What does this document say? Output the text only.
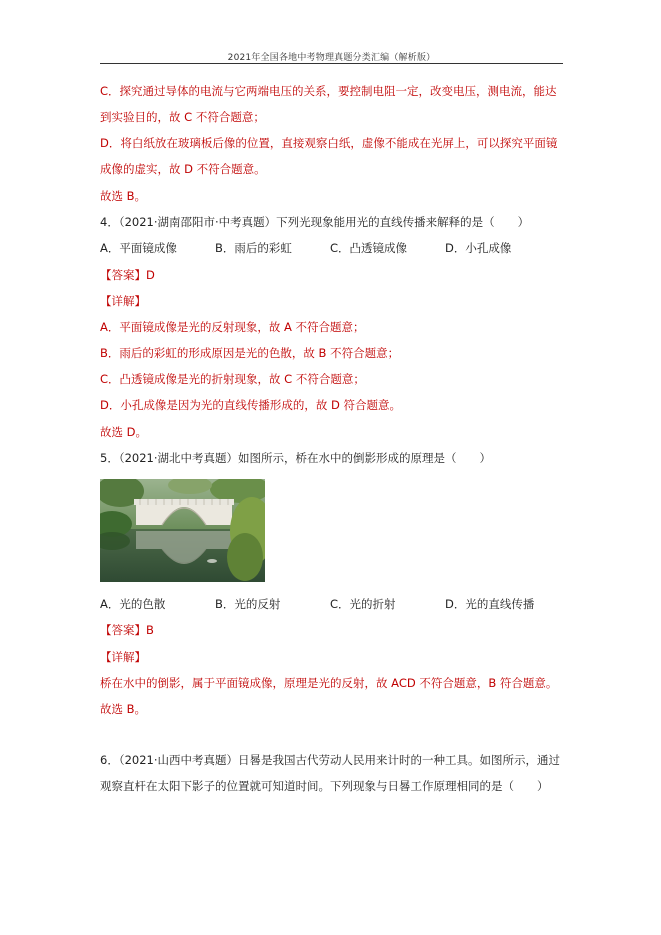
2021年全国各地中考物理真题分类汇编（解析版）
C．探究通过导体的电流与它两端电压的关系，要控制电阻一定，改变电压，测电流，能达
到实验目的，故 C 不符合题意；
D．将白纸放在玻璃板后像的位置，直接观察白纸，虚像不能成在光屏上，可以探究平面镜
成像的虚实，故 D 不符合题意。
故选 B。
4．（2021·湖南邵阳市·中考真题）下列光现象能用光的直线传播来解释的是（　　）
A．平面镜成像	B．雨后的彩虹	C．凸透镜成像	D．小孔成像
【答案】D
【详解】
A．平面镜成像是光的反射现象，故 A 不符合题意；
B．雨后的彩虹的形成原因是光的色散，故 B 不符合题意；
C．凸透镜成像是光的折射现象，故 C 不符合题意；
D．小孔成像是因为光的直线传播形成的，故 D 符合题意。
故选 D。
5．（2021·湖北中考真题）如图所示，桥在水中的倒影形成的原理是（　　）
A．光的色散	B．光的反射	C．光的折射	D．光的直线传播
【答案】B
【详解】
桥在水中的倒影，属于平面镜成像，原理是光的反射，故 ACD 不符合题意，B 符合题意。
故选 B。
6．（2021·山西中考真题）日晷是我国古代劳动人民用来计时的一种工具。如图所示，通过
观察直杆在太阳下影子的位置就可知道时间。下列现象与日晷工作原理相同的是（　　）
